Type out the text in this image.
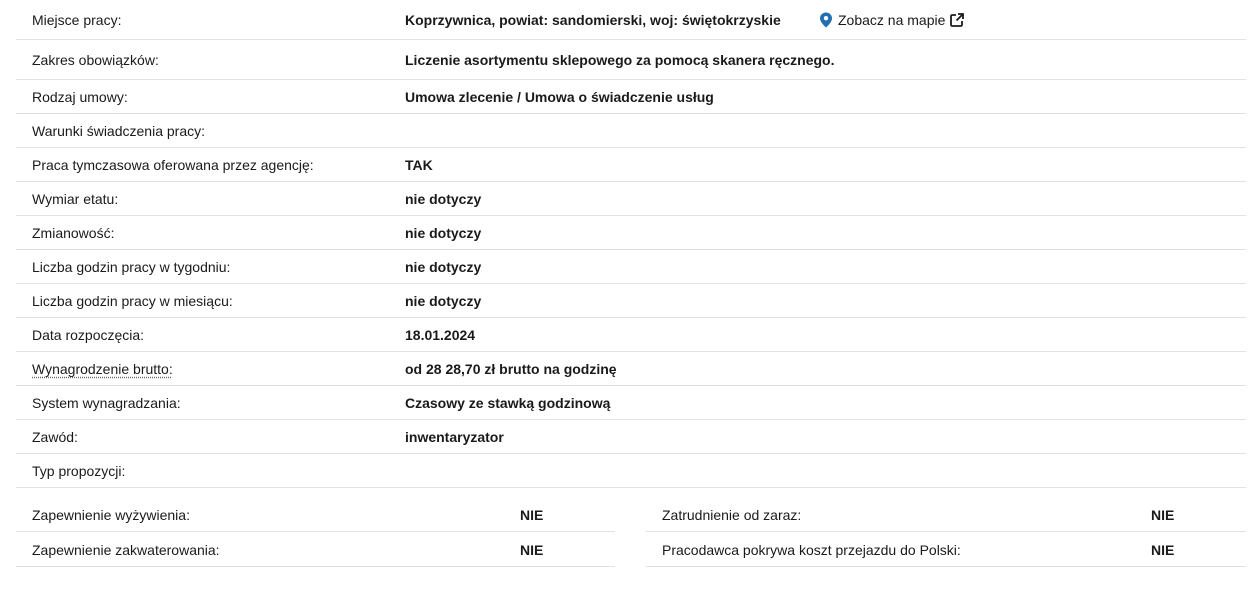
Miejsce pracy:	Koprzywnica, powiat: sandomierski, woj: świętokrzyskie	Zobacz na mapie
Zakres obowiązków:	Liczenie asortymentu sklepowego za pomocą skanera ręcznego.
Rodzaj umowy:	Umowa zlecenie / Umowa o świadczenie usług
Warunki świadczenia pracy:
Praca tymczasowa oferowana przez agencję:	TAK
Wymiar etatu:	nie dotyczy
Zmianowość:	nie dotyczy
Liczba godzin pracy w tygodniu:	nie dotyczy
Liczba godzin pracy w miesiącu:	nie dotyczy
Data rozpoczęcia:	18.01.2024
Wynagrodzenie brutto:	od 28 28,70 zł brutto na godzinę
System wynagradzania:	Czasowy ze stawką godzinową
Zawód:	inwentaryzator
Typ propozycji:
Zapewnienie wyżywienia:	NIE	Zatrudnienie od zaraz:	NIE
Zapewnienie zakwaterowania:	NIE	Pracodawca pokrywa koszt przejazdu do Polski:	NIE
